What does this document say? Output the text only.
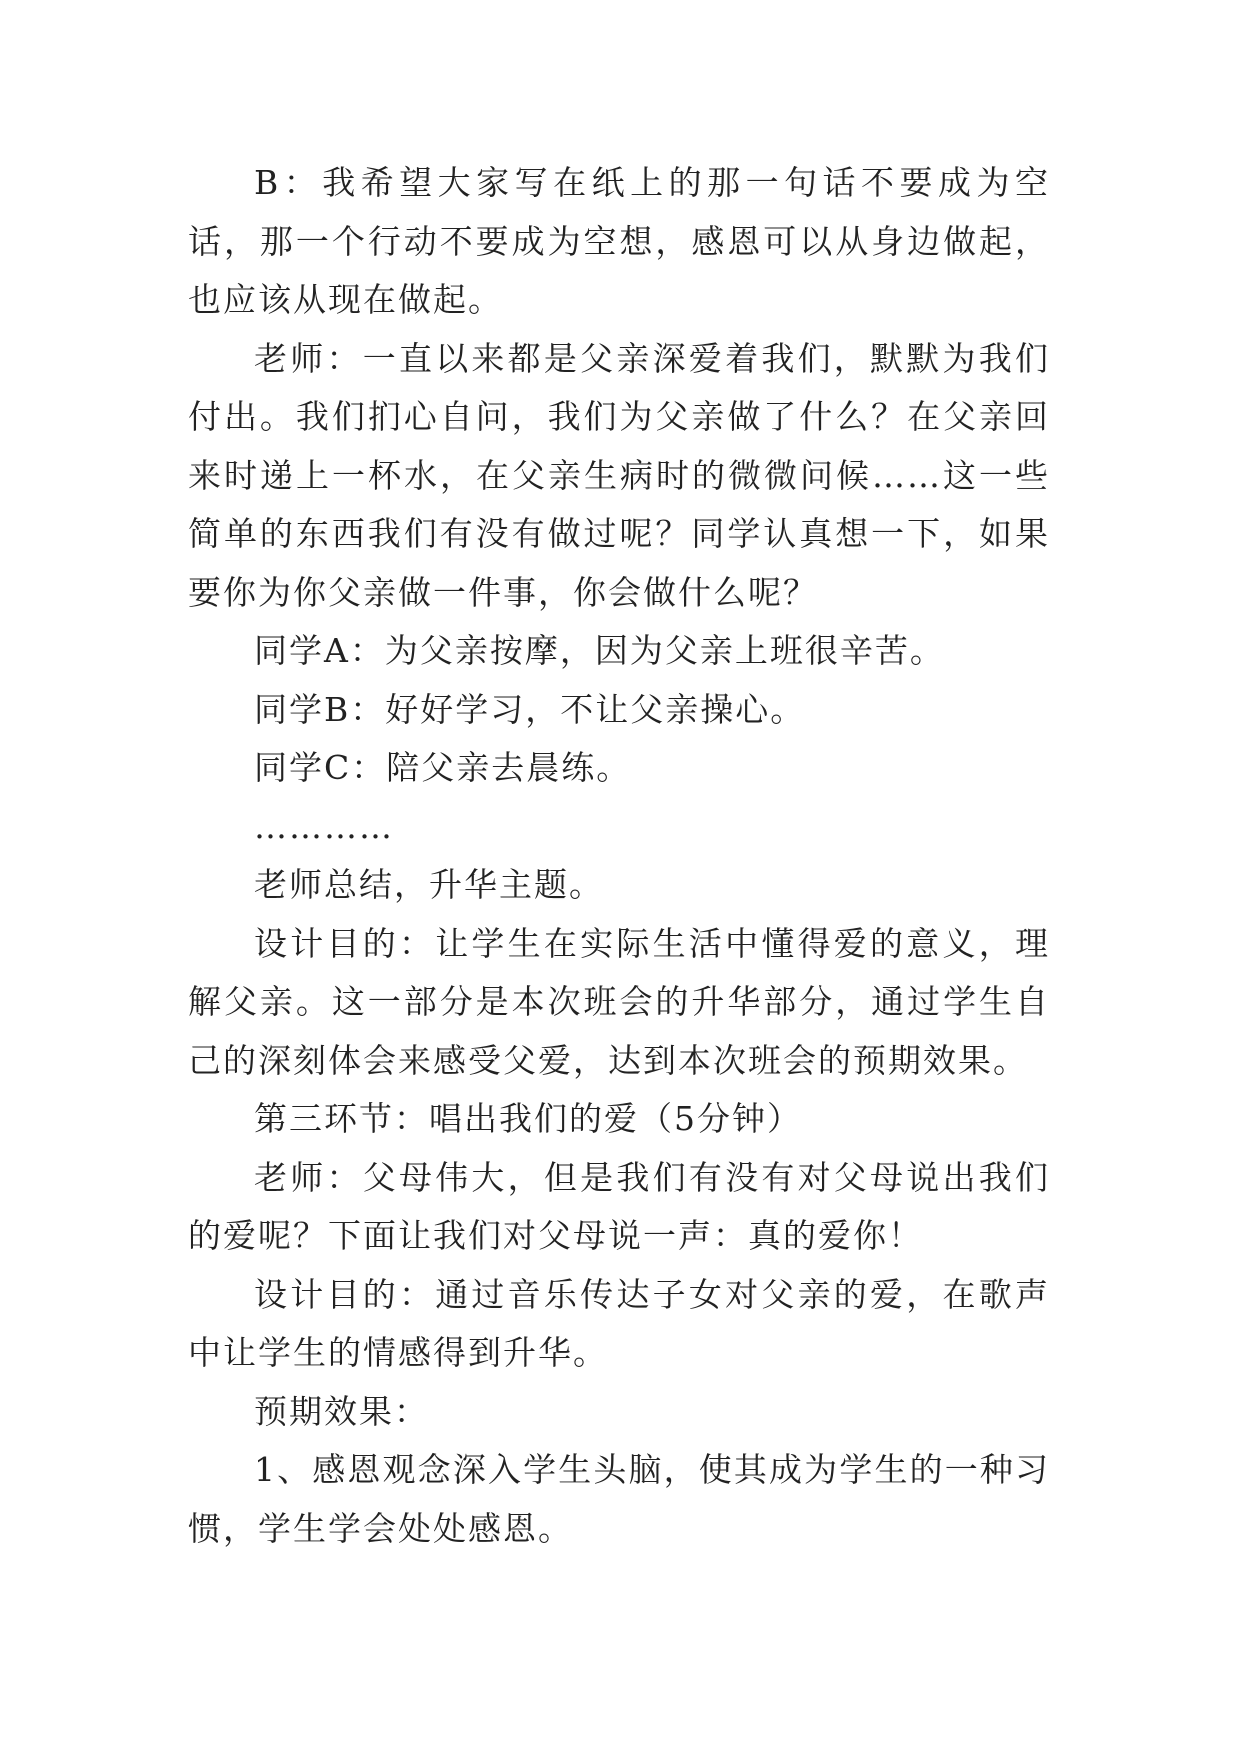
B：我希望大家写在纸上的那一句话不要成为空话，那一个行动不要成为空想，感恩可以从身边做起，也应该从现在做起。

老师：一直以来都是父亲深爱着我们，默默为我们付出。我们扪心自问，我们为父亲做了什么？在父亲回来时递上一杯水，在父亲生病时的微微问候……这一些简单的东西我们有没有做过呢？同学认真想一下，如果要你为你父亲做一件事，你会做什么呢？

同学A：为父亲按摩，因为父亲上班很辛苦。

同学B：好好学习，不让父亲操心。

同学C：陪父亲去晨练。

…………

老师总结，升华主题。

设计目的：让学生在实际生活中懂得爱的意义，理解父亲。这一部分是本次班会的升华部分，通过学生自己的深刻体会来感受父爱，达到本次班会的预期效果。

第三环节：唱出我们的爱（5分钟）

老师：父母伟大，但是我们有没有对父母说出我们的爱呢？下面让我们对父母说一声：真的爱你！

设计目的：通过音乐传达子女对父亲的爱，在歌声中让学生的情感得到升华。

预期效果：

1、感恩观念深入学生头脑，使其成为学生的一种习惯，学生学会处处感恩。
